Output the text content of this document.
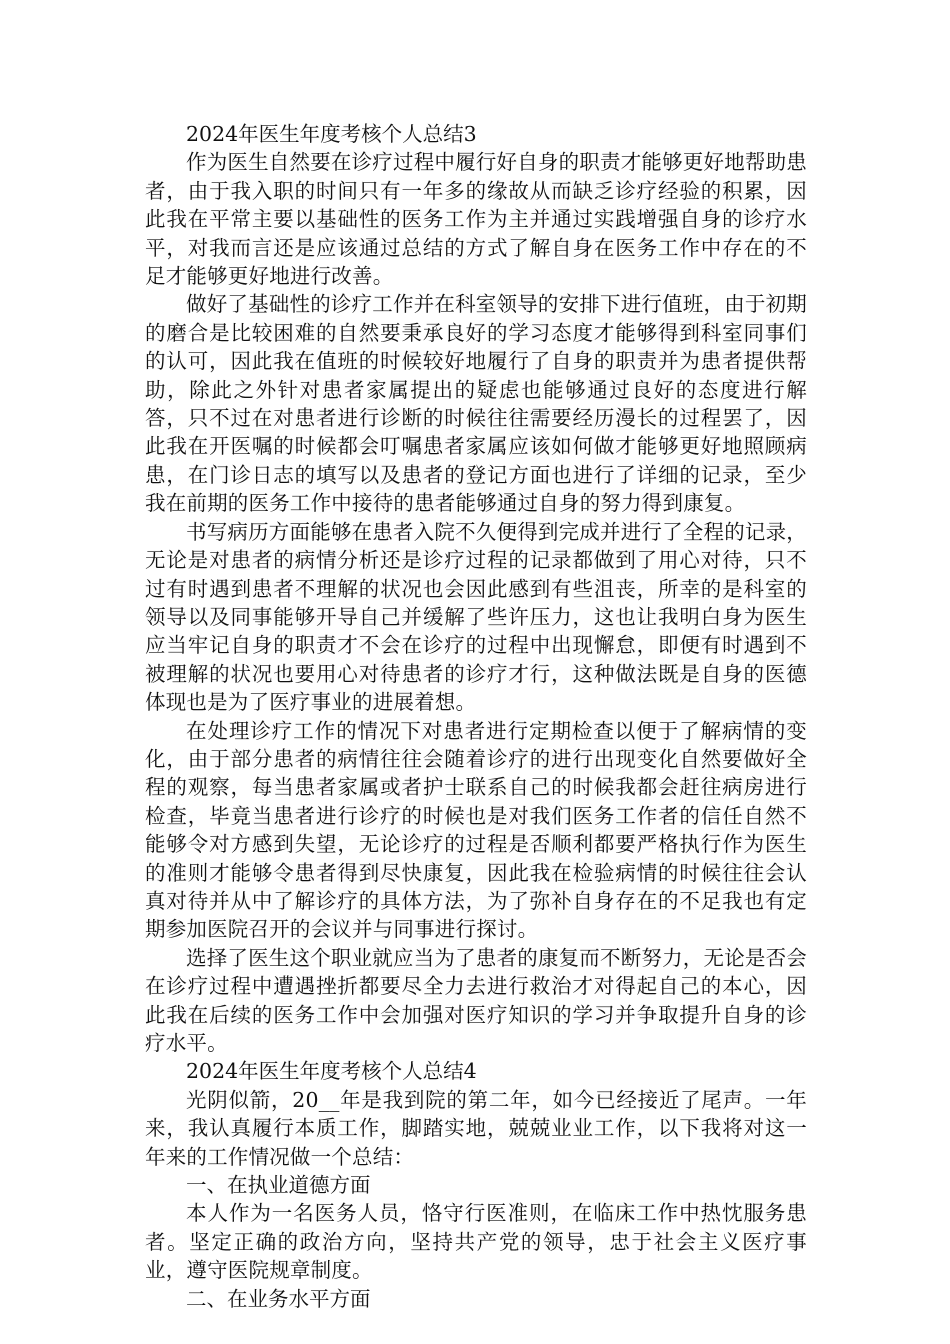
2024年医生年度考核个人总结3

作为医生自然要在诊疗过程中履行好自身的职责才能够更好地帮助患者，由于我入职的时间只有一年多的缘故从而缺乏诊疗经验的积累，因此我在平常主要以基础性的医务工作为主并通过实践增强自身的诊疗水平，对我而言还是应该通过总结的方式了解自身在医务工作中存在的不足才能够更好地进行改善。

做好了基础性的诊疗工作并在科室领导的安排下进行值班，由于初期的磨合是比较困难的自然要秉承良好的学习态度才能够得到科室同事们的认可，因此我在值班的时候较好地履行了自身的职责并为患者提供帮助，除此之外针对患者家属提出的疑虑也能够通过良好的态度进行解答，只不过在对患者进行诊断的时候往往需要经历漫长的过程罢了，因此我在开医嘱的时候都会叮嘱患者家属应该如何做才能够更好地照顾病患，在门诊日志的填写以及患者的登记方面也进行了详细的记录，至少我在前期的医务工作中接待的患者能够通过自身的努力得到康复。

书写病历方面能够在患者入院不久便得到完成并进行了全程的记录，无论是对患者的病情分析还是诊疗过程的记录都做到了用心对待，只不过有时遇到患者不理解的状况也会因此感到有些沮丧，所幸的是科室的领导以及同事能够开导自己并缓解了些许压力，这也让我明白身为医生应当牢记自身的职责才不会在诊疗的过程中出现懈怠，即便有时遇到不被理解的状况也要用心对待患者的诊疗才行，这种做法既是自身的医德体现也是为了医疗事业的进展着想。

在处理诊疗工作的情况下对患者进行定期检查以便于了解病情的变化，由于部分患者的病情往往会随着诊疗的进行出现变化自然要做好全程的观察，每当患者家属或者护士联系自己的时候我都会赶往病房进行检查，毕竟当患者进行诊疗的时候也是对我们医务工作者的信任自然不能够令对方感到失望，无论诊疗的过程是否顺利都要严格执行作为医生的准则才能够令患者得到尽快康复，因此我在检验病情的时候往往会认真对待并从中了解诊疗的具体方法，为了弥补自身存在的不足我也有定期参加医院召开的会议并与同事进行探讨。

选择了医生这个职业就应当为了患者的康复而不断努力，无论是否会在诊疗过程中遭遇挫折都要尽全力去进行救治才对得起自己的本心，因此我在后续的医务工作中会加强对医疗知识的学习并争取提升自身的诊疗水平。

2024年医生年度考核个人总结4

光阴似箭，20__年是我到院的第二年，如今已经接近了尾声。一年来，我认真履行本质工作，脚踏实地，兢兢业业工作，以下我将对这一年来的工作情况做一个总结：

一、在执业道德方面

本人作为一名医务人员，恪守行医准则，在临床工作中热忱服务患者。坚定正确的政治方向，坚持共产党的领导，忠于社会主义医疗事业，遵守医院规章制度。

二、在业务水平方面
